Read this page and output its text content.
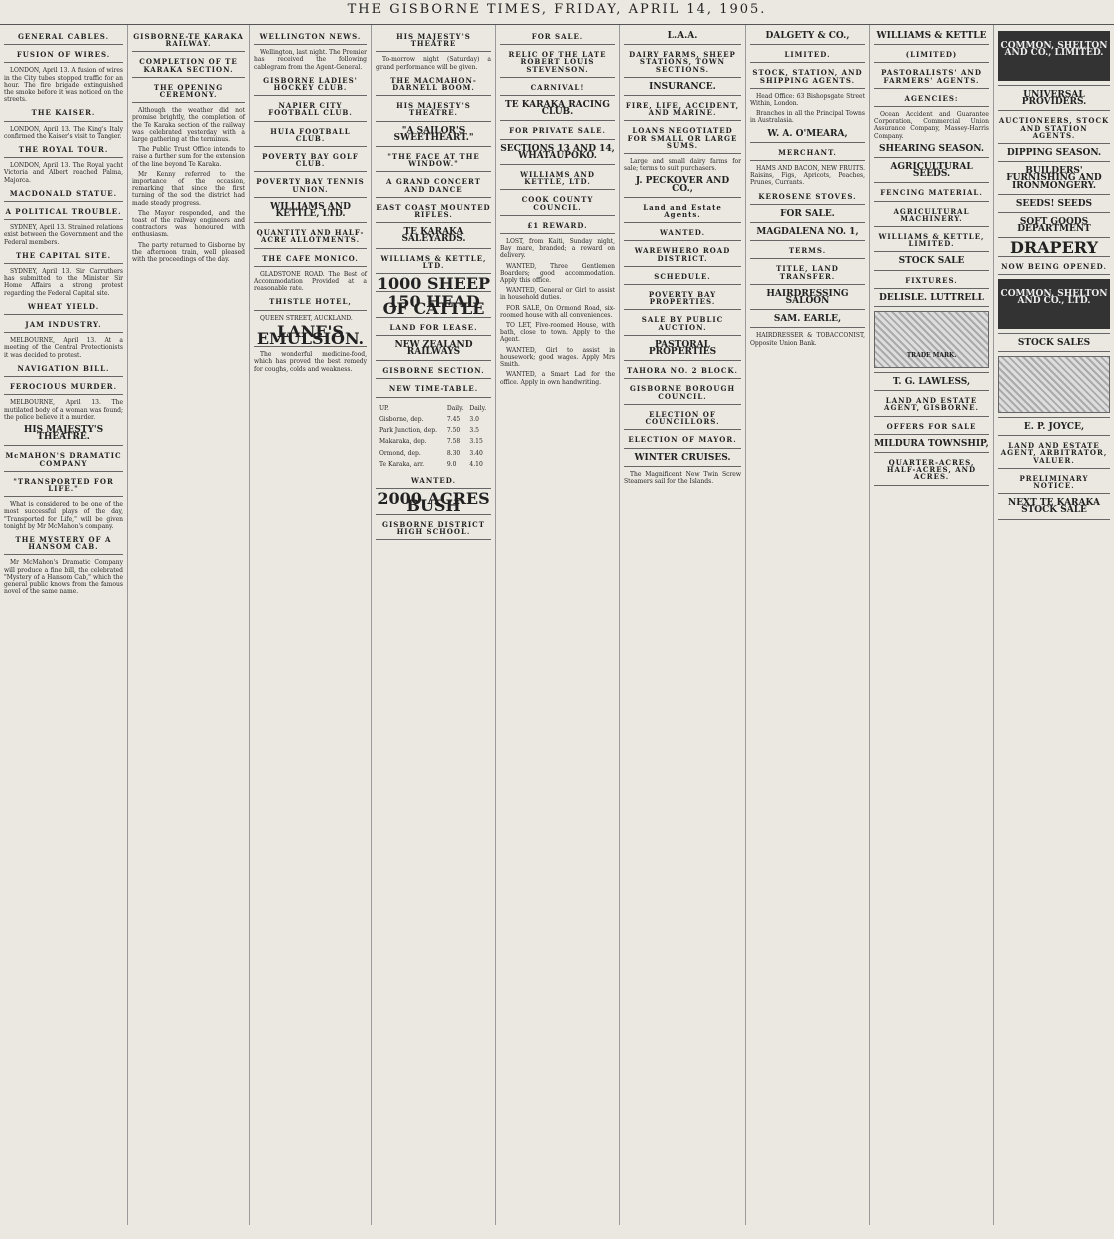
THE GISBORNE TIMES, FRIDAY, APRIL 14, 1905.
GENERAL CABLES.
FUSION OF WIRES.

LONDON, April 13. A fusion of wires in the City tubes stopped traffic for an hour. The fire brigade extinguished the smoke before it was noticed on the streets.

THE KAISER.

LONDON, April 13. The King's Italy confirmed the Kaiser's visit to Tangier.

THE ROYAL TOUR.

LONDON, April 13. The Royal yacht Victoria and Albert reached Palma, Majorca.

MACDONALD STATUE.
A POLITICAL TROUBLE.

SYDNEY, April 13. Strained relations exist between the Government and the Federal members.

THE CAPITAL SITE.

SYDNEY, April 13. Sir Carruthers has submitted to the Minister Sir Home Affairs a strong protest regarding the Federal Capital site.

WHEAT YIELD.
JAM INDUSTRY.

MELBOURNE, April 13. At a meeting of the Central Protectionists it was decided to protest.

NAVIGATION BILL.
FEROCIOUS MURDER.

MELBOURNE, April 13. The mutilated body of a woman was found; the police believe it a murder.

HIS MAJESTY'S THEATRE.
McMAHON'S DRAMATIC COMPANY
"TRANSPORTED FOR LIFE."

What is considered to be one of the most successful plays of the day, "Transported for Life," will be given tonight by Mr McMahon's company.

THE MYSTERY OF A HANSOM CAB.

Mr McMahon's Dramatic Company will produce a fine bill, the celebrated "Mystery of a Hansom Cab," which the general public knows from the famous novel of the same name.

GISBORNE-TE KARAKA RAILWAY.
COMPLETION OF TE KARAKA SECTION.
THE OPENING CEREMONY.

Although the weather did not promise brightly, the completion of the Te Karaka section of the railway was celebrated yesterday with a large gathering at the terminus.

The Public Trust Office intends to raise a further sum for the extension of the line beyond Te Karaka.

Mr Kenny referred to the importance of the occasion, remarking that since the first turning of the sod the district had made steady progress.

The Mayor responded, and the toast of the railway engineers and contractors was honoured with enthusiasm.

The party returned to Gisborne by the afternoon train, well pleased with the proceedings of the day.

WELLINGTON NEWS.

Wellington, last night. The Premier has received the following cablegram from the Agent-General.

GISBORNE LADIES' HOCKEY CLUB.
NAPIER CITY FOOTBALL CLUB.
HUIA FOOTBALL CLUB.
POVERTY BAY GOLF CLUB.
POVERTY BAY TENNIS UNION.
WILLIAMS AND KETTLE, LTD.
QUANTITY AND HALF-ACRE ALLOTMENTS.
THE CAFE MONICO.

GLADSTONE ROAD. The Best of Accommodation Provided at a reasonable rate.

THISTLE HOTEL,

QUEEN STREET, AUCKLAND.

LANE'S EMULSION.

The wonderful medicine-food, which has proved the best remedy for coughs, colds and weakness.

HIS MAJESTY'S THEATRE

To-morrow night (Saturday) a grand performance will be given.

THE MACMAHON-DARNELL BOOM.
HIS MAJESTY'S THEATRE.
"A SAILOR'S SWEETHEART."
"THE FACE AT THE WINDOW."
A GRAND CONCERT AND DANCE
EAST COAST MOUNTED RIFLES.
TE KARAKA SALEYARDS.
WILLIAMS & KETTLE, LTD.
1000 SHEEP
150 HEAD OF CATTLE
LAND FOR LEASE.
NEW ZEALAND RAILWAYS
GISBORNE SECTION.
NEW TIME-TABLE.
UP.	Daily.	Daily.
Gisborne, dep.	7.45	3.0
Park Junction, dep.	7.50	3.5
Makaraka, dep.	7.58	3.15
Ormond, dep.	8.30	3.40
Te Karaka, arr.	9.0	4.10
WANTED.
2000 ACRES BUSH
GISBORNE DISTRICT HIGH SCHOOL.
FOR SALE.
RELIC OF THE LATE ROBERT LOUIS STEVENSON.
CARNIVAL!
TE KARAKA RACING CLUB.
FOR PRIVATE SALE.
SECTIONS 13 AND 14, WHATAUPOKO.
WILLIAMS AND KETTLE, LTD.
COOK COUNTY COUNCIL.
£1 REWARD.

LOST, from Kaiti, Sunday night, Bay mare, branded; a reward on delivery.

WANTED, Three Gentlemen Boarders; good accommodation. Apply this office.

WANTED, General or Girl to assist in household duties.

FOR SALE, On Ormond Road, six-roomed house with all conveniences.

TO LET, Five-roomed House, with bath, close to town. Apply to the Agent.

WANTED, Girl to assist in housework; good wages. Apply Mrs Smith.

WANTED, a Smart Lad for the office. Apply in own handwriting.

L.A.A.
DAIRY FARMS, SHEEP STATIONS, TOWN SECTIONS.
INSURANCE.
FIRE, LIFE, ACCIDENT, AND MARINE.
LOANS NEGOTIATED FOR SMALL OR LARGE SUMS.

Large and small dairy farms for sale; terms to suit purchasers.

J. PECKOVER AND CO.,
Land and Estate Agents.
WANTED.
WAREWHERO ROAD DISTRICT.
SCHEDULE.
POVERTY BAY PROPERTIES.
SALE BY PUBLIC AUCTION.
PASTORAL PROPERTIES
TAHORA NO. 2 BLOCK.
GISBORNE BOROUGH COUNCIL.
ELECTION OF COUNCILLORS.
ELECTION OF MAYOR.
WINTER CRUISES.

The Magnificent New Twin Screw Steamers sail for the Islands.

DALGETY & CO.,
LIMITED.
STOCK, STATION, AND SHIPPING AGENTS.

Head Office: 63 Bishopsgate Street Within, London.

Branches in all the Principal Towns in Australasia.

W. A. O'MEARA,
MERCHANT.

HAMS AND BACON, NEW FRUITS. Raisins, Figs, Apricots, Peaches, Prunes, Currants.

KEROSENE STOVES.
FOR SALE.
MAGDALENA NO. 1,
TERMS.
TITLE, LAND TRANSFER.
HAIRDRESSING SALOON
SAM. EARLE,

HAIRDRESSER & TOBACCONIST, Opposite Union Bank.

WILLIAMS & KETTLE
(LIMITED)
PASTORALISTS' AND FARMERS' AGENTS.
AGENCIES:

Ocean Accident and Guarantee Corporation, Commercial Union Assurance Company, Massey-Harris Company.

SHEARING SEASON.
AGRICULTURAL SEEDS.
FENCING MATERIAL.
AGRICULTURAL MACHINERY.
WILLIAMS & KETTLE, LIMITED.
STOCK SALE
FIXTURES.
DELISLE. LUTTRELL
TRADE MARK.
T. G. LAWLESS,
LAND AND ESTATE AGENT, GISBORNE.
OFFERS FOR SALE
MILDURA TOWNSHIP,
QUARTER-ACRES, HALF-ACRES, AND ACRES.
COMMON, SHELTON AND CO., LIMITED.
UNIVERSAL PROVIDERS.
AUCTIONEERS, STOCK AND STATION AGENTS.
DIPPING SEASON.
BUILDERS' FURNISHING AND IRONMONGERY.
SEEDS! SEEDS
SOFT GOODS DEPARTMENT
DRAPERY
NOW BEING OPENED.
COMMON, SHELTON AND CO., LTD.
STOCK SALES
E. P. JOYCE,
LAND AND ESTATE AGENT, ARBITRATOR, VALUER.
PRELIMINARY NOTICE.
NEXT TE KARAKA STOCK SALE
